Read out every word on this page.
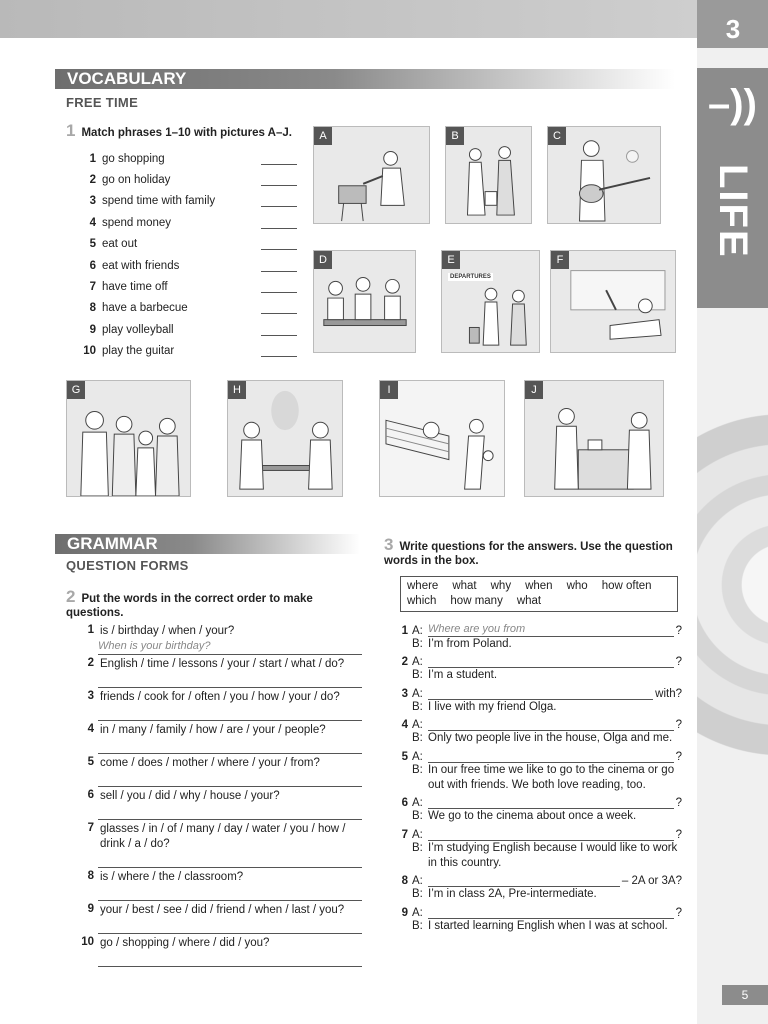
3
–))
LIFE
VOCABULARY
FREE TIME
1 Match phrases 1–10 with pictures A–J.
1 go shopping
2 go on holiday
3 spend time with family
4 spend money
5 eat out
6 eat with friends
7 have time off
8 have a barbecue
9 play volleyball
10 play the guitar
A	B	C
D
DEPARTURES
E	F
G	H	I	J
GRAMMAR
QUESTION FORMS
2 Put the words in the correct order to make questions.
1 is / birthday / when / your?
When is your birthday?
2 English / time / lessons / your / start / what / do?
3 friends / cook for / often / you / how / your / do?
4 in / many / family / how / are / your / people?
5 come / does / mother / where / your / from?
6 sell / you / did / why / house / your?
7 glasses / in / of / many / day / water / you / how / drink / a / do?
8 is / where / the / classroom?
9 your / best / see / did / friend / when / last / you?
10 go / shopping / where / did / you?
3 Write questions for the answers. Use the question words in the box.
where what why when who how often
which how many what
1 A: Where are you from	?
B: I’m from Poland.
2 A:	?
B: I’m a student.
3 A:	with?
B: I live with my friend Olga.
4 A:	?
B: Only two people live in the house, Olga and me.
5 A:	?
B: In our free time we like to go to the cinema or go out with friends. We both love reading, too.
6 A:	?
B: We go to the cinema about once a week.
7 A:	?
B: I’m studying English because I would like to work in this country.
8 A:	– 2A or 3A?
B: I’m in class 2A, Pre-intermediate.
9 A:	?
B: I started learning English when I was at school.
5
